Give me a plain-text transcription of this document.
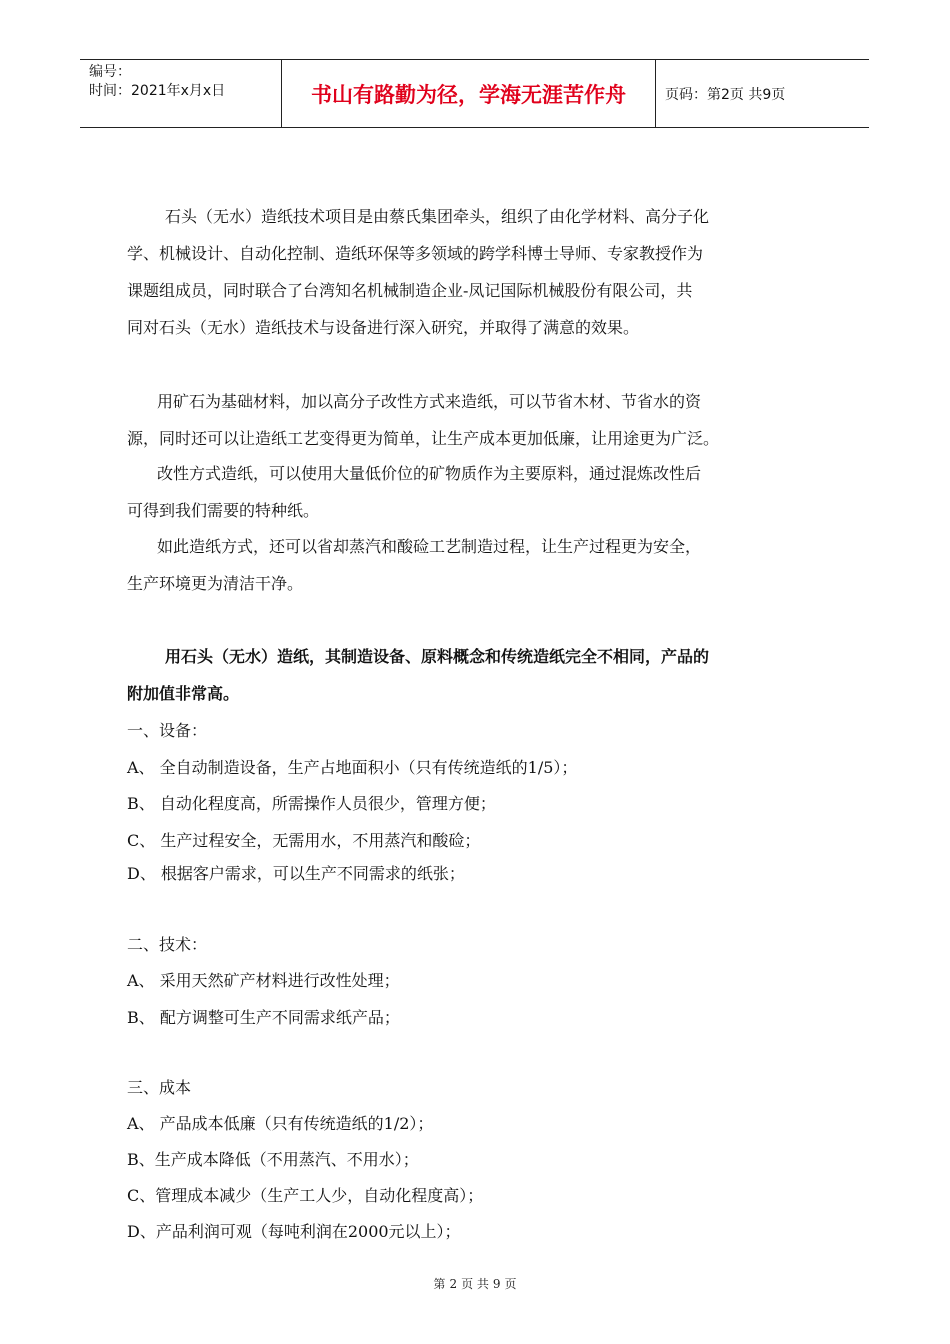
编号：
时间：2021年x月x日	书山有路勤为径，学海无涯苦作舟	页码：第2页 共9页
石头（无水）造纸技术项目是由蔡氏集团牵头，组织了由化学材料、高分子化
学、机械设计、自动化控制、造纸环保等多领域的跨学科博士导师、专家教授作为
课题组成员，同时联合了台湾知名机械制造企业-凤记国际机械股份有限公司，共
同对石头（无水）造纸技术与设备进行深入研究，并取得了满意的效果。
用矿石为基础材料，加以高分子改性方式来造纸，可以节省木材、节省水的资
源，同时还可以让造纸工艺变得更为简单，让生产成本更加低廉，让用途更为广泛。
改性方式造纸，可以使用大量低价位的矿物质作为主要原料，通过混炼改性后
可得到我们需要的特种纸。
如此造纸方式，还可以省却蒸汽和酸硷工艺制造过程，让生产过程更为安全，
生产环境更为清洁干净。
用石头（无水）造纸，其制造设备、原料概念和传统造纸完全不相同，产品的
附加值非常高。
一、设备：
A、 全自动制造设备，生产占地面积小（只有传统造纸的1/5）；
B、 自动化程度高，所需操作人员很少，管理方便；
C、 生产过程安全，无需用水，不用蒸汽和酸硷；
D、 根据客户需求，可以生产不同需求的纸张；
二、技术：
A、 采用天然矿产材料进行改性处理；
B、 配方调整可生产不同需求纸产品；
三、成本
A、 产品成本低廉（只有传统造纸的1/2）；
B、生产成本降低（不用蒸汽、不用水）；
C、管理成本减少（生产工人少，自动化程度高）；
D、产品利润可观（每吨利润在2000元以上）；
第 2 页 共 9 页
